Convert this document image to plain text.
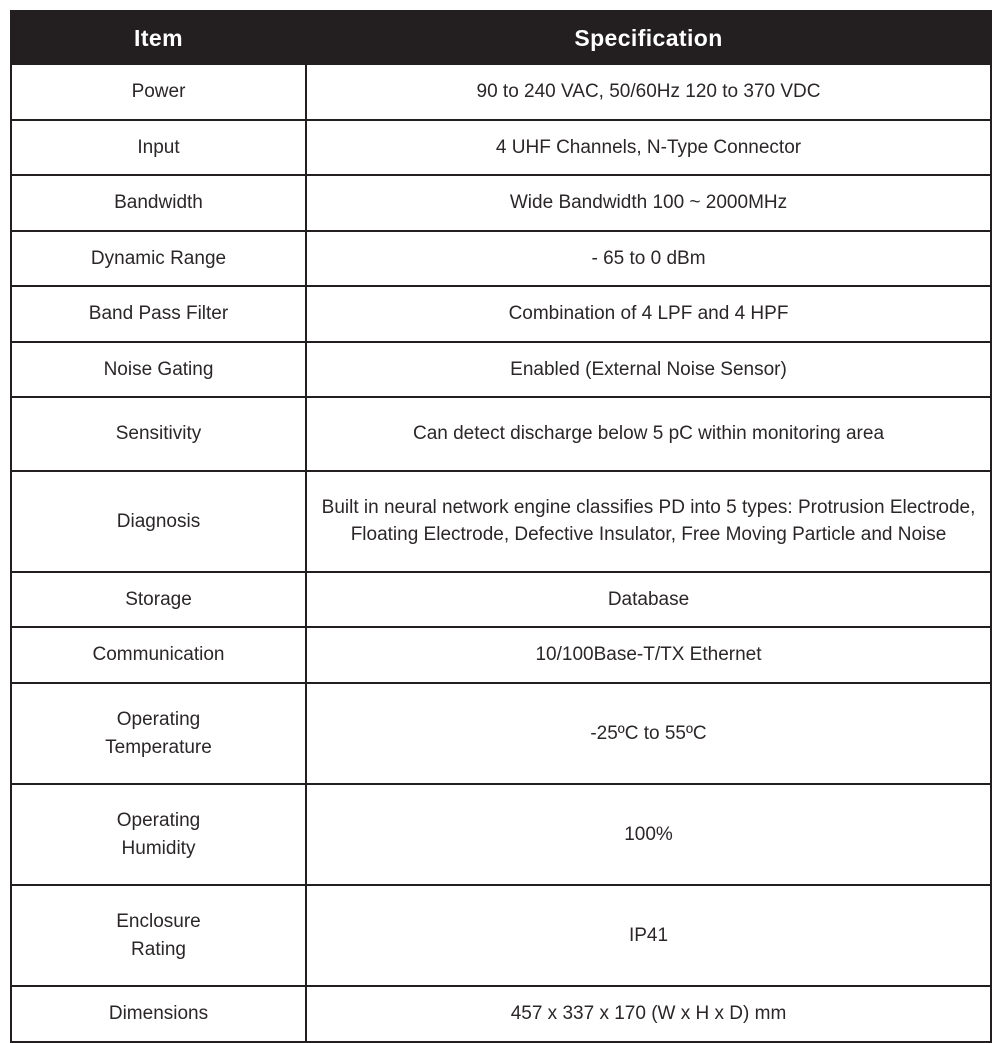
Item	Specification
Power	90 to 240 VAC, 50/60Hz 120 to 370 VDC
Input	4 UHF Channels, N-Type Connector
Bandwidth	Wide Bandwidth 100 ~ 2000MHz
Dynamic Range	- 65 to 0 dBm
Band Pass Filter	Combination of 4 LPF and 4 HPF
Noise Gating	Enabled (External Noise Sensor)
Sensitivity	Can detect discharge below 5 pC within monitoring area
Diagnosis	Built in neural network engine classifies PD into 5 types: Protrusion Electrode, Floating Electrode, Defective Insulator, Free Moving Particle and Noise
Storage	Database
Communication	10/100Base-T/TX Ethernet

Operating
Temperature	-25ºC to 55ºC

Operating
Humidity	100%

Enclosure
Rating	IP41
Dimensions	457 x 337 x 170 (W x H x D) mm
